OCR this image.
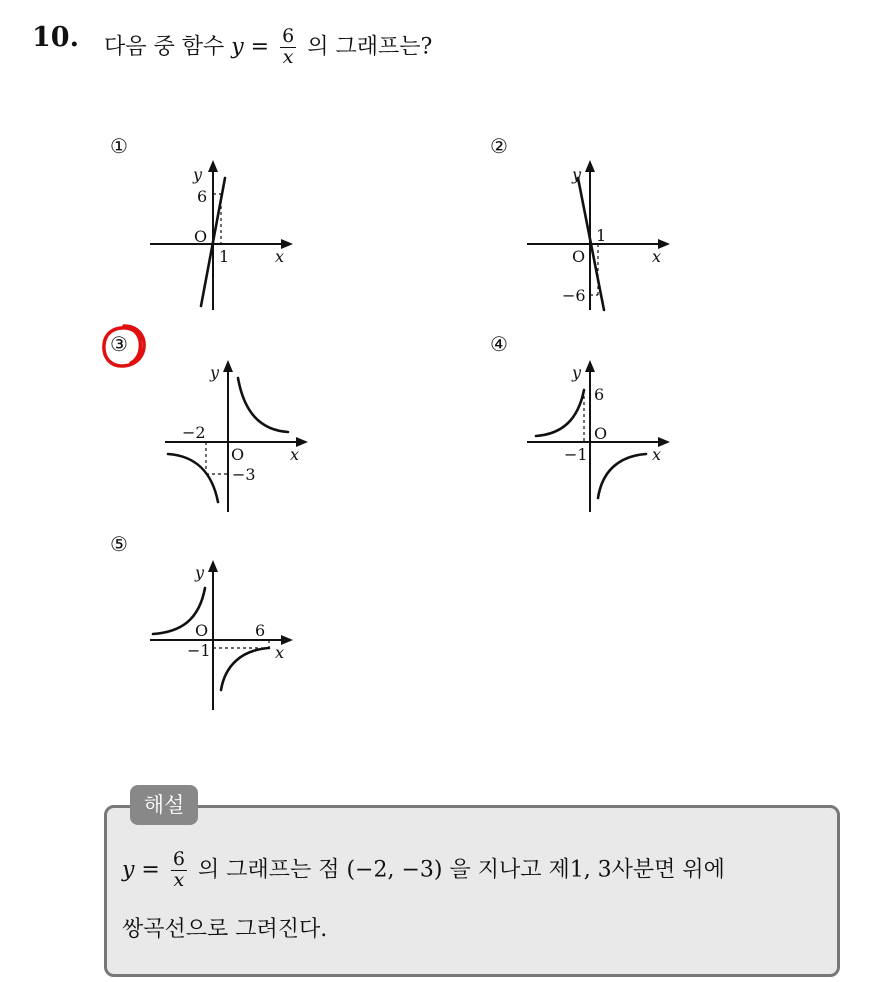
10. 다음 중 함수 $y = \frac{6}{x}$ 의 그래프는?
①	②
③	④
⑤
y
6
O
1	x
y
1
O
−6
x
y
−2
O
−3
x
y
6
O
−1	x
y
O	6
−1	x
해설
$y = \frac{6}{x}$ 의 그래프는 점 (−2, −3) 을 지나고 제1, 3사분면 위에
쌍곡선으로 그려진다.
